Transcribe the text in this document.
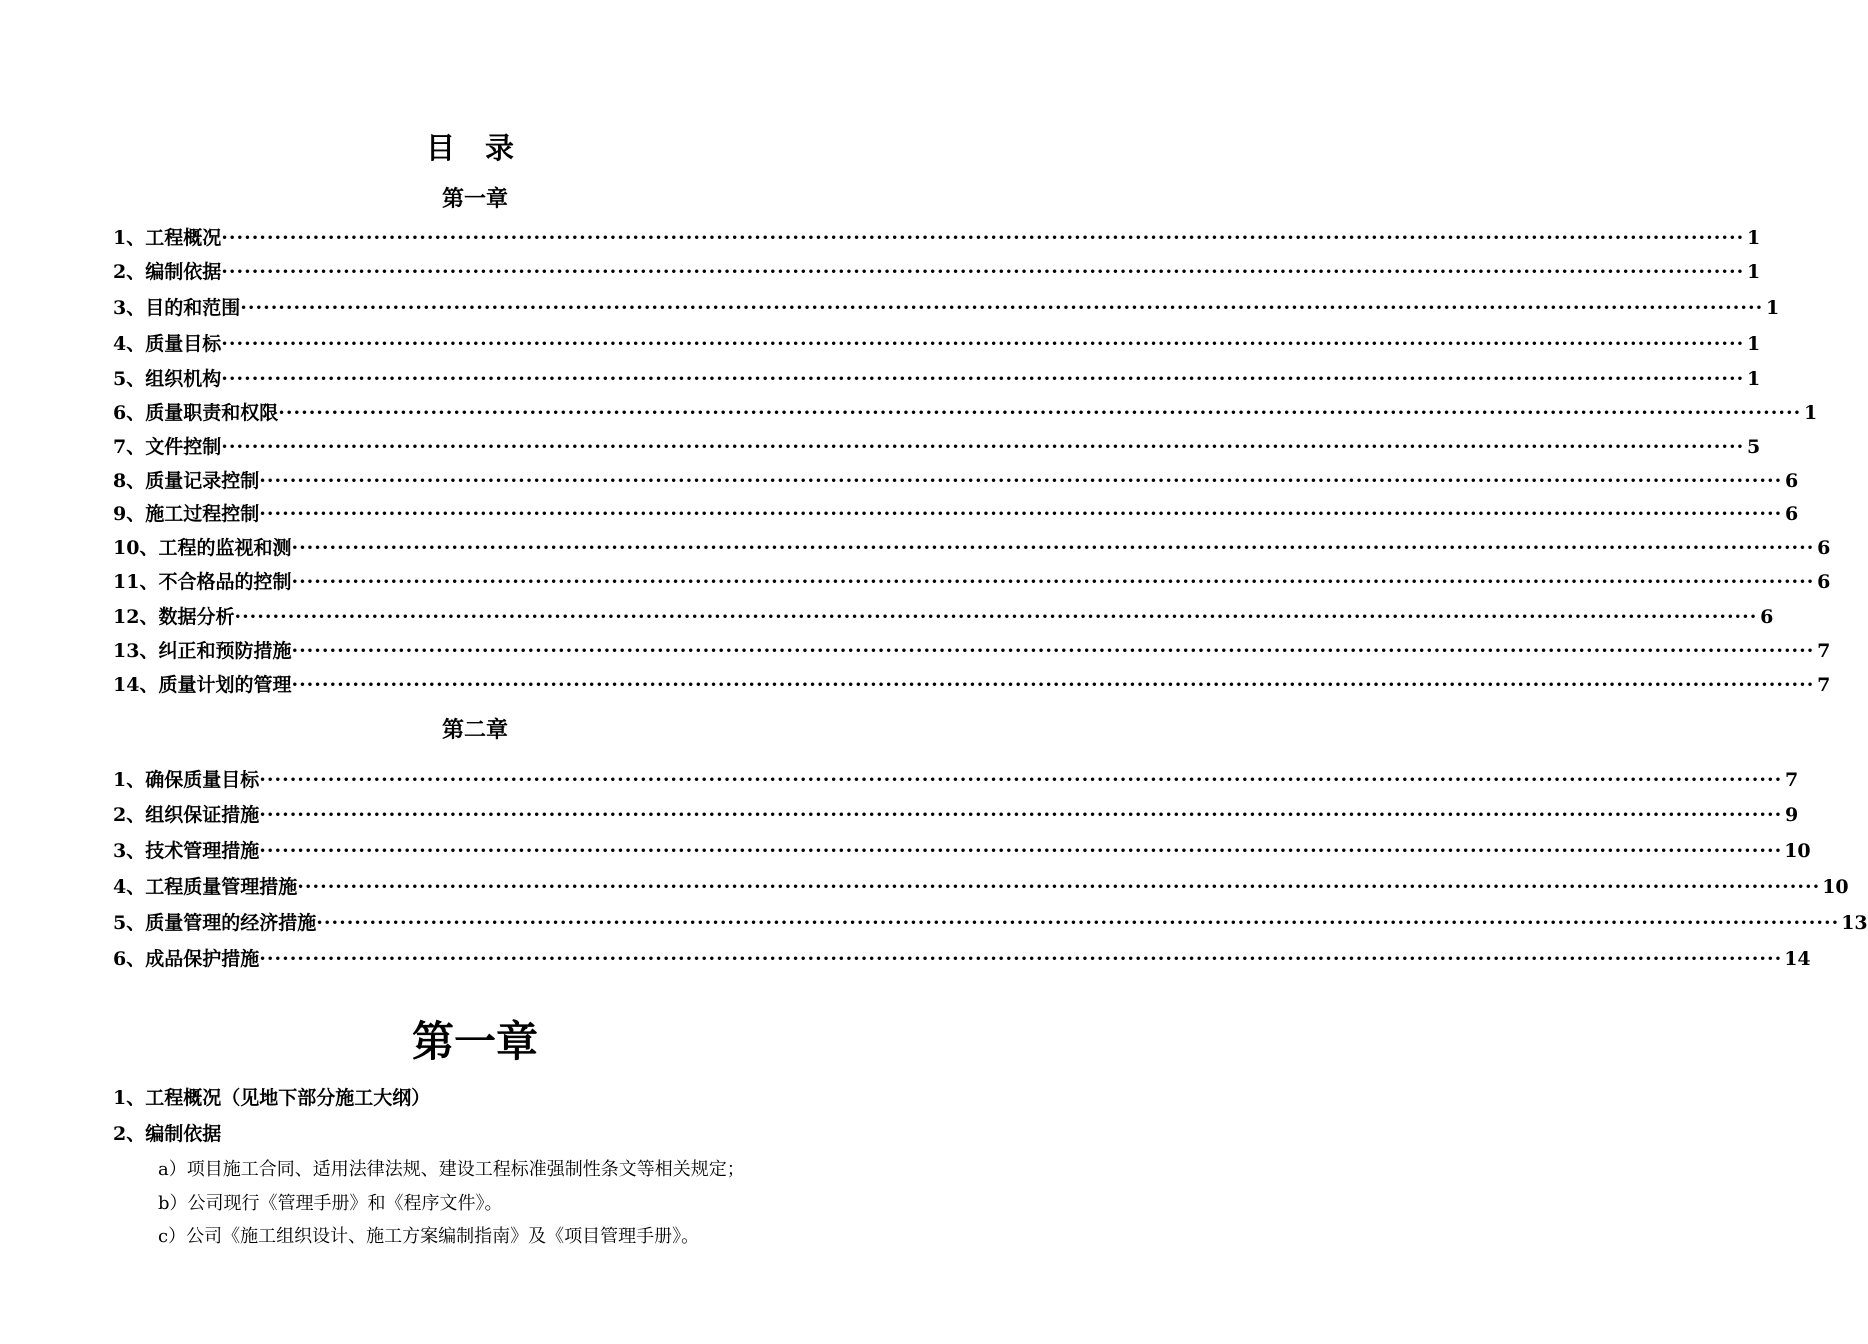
目 录
第一章
1、工程概况 ········································································································································································································ 1
2、编制依据 ········································································································································································································ 1
3、目的和范围 ········································································································································································································ 1
4、质量目标 ········································································································································································································ 1
5、组织机构 ········································································································································································································ 1
6、质量职责和权限 ········································································································································································································ 1
7、文件控制 ········································································································································································································ 5
8、质量记录控制 ········································································································································································································ 6
9、施工过程控制 ········································································································································································································ 6
10、工程的监视和测 ········································································································································································································ 6
11、不合格品的控制 ········································································································································································································ 6
12、数据分析 ········································································································································································································ 6
13、纠正和预防措施 ········································································································································································································ 7
14、质量计划的管理 ········································································································································································································ 7
第二章
1、确保质量目标 ········································································································································································································ 7
2、组织保证措施 ········································································································································································································ 9
3、技术管理措施 ········································································································································································································ 10
4、工程质量管理措施 ········································································································································································································ 10
5、质量管理的经济措施 ········································································································································································································ 13
6、成品保护措施 ········································································································································································································ 14
第一章
1、工程概况（见地下部分施工大纲）
2、编制依据
a）项目施工合同、适用法律法规、建设工程标准强制性条文等相关规定；
b）公司现行《管理手册》和《程序文件》。
c）公司《施工组织设计、施工方案编制指南》及《项目管理手册》。
